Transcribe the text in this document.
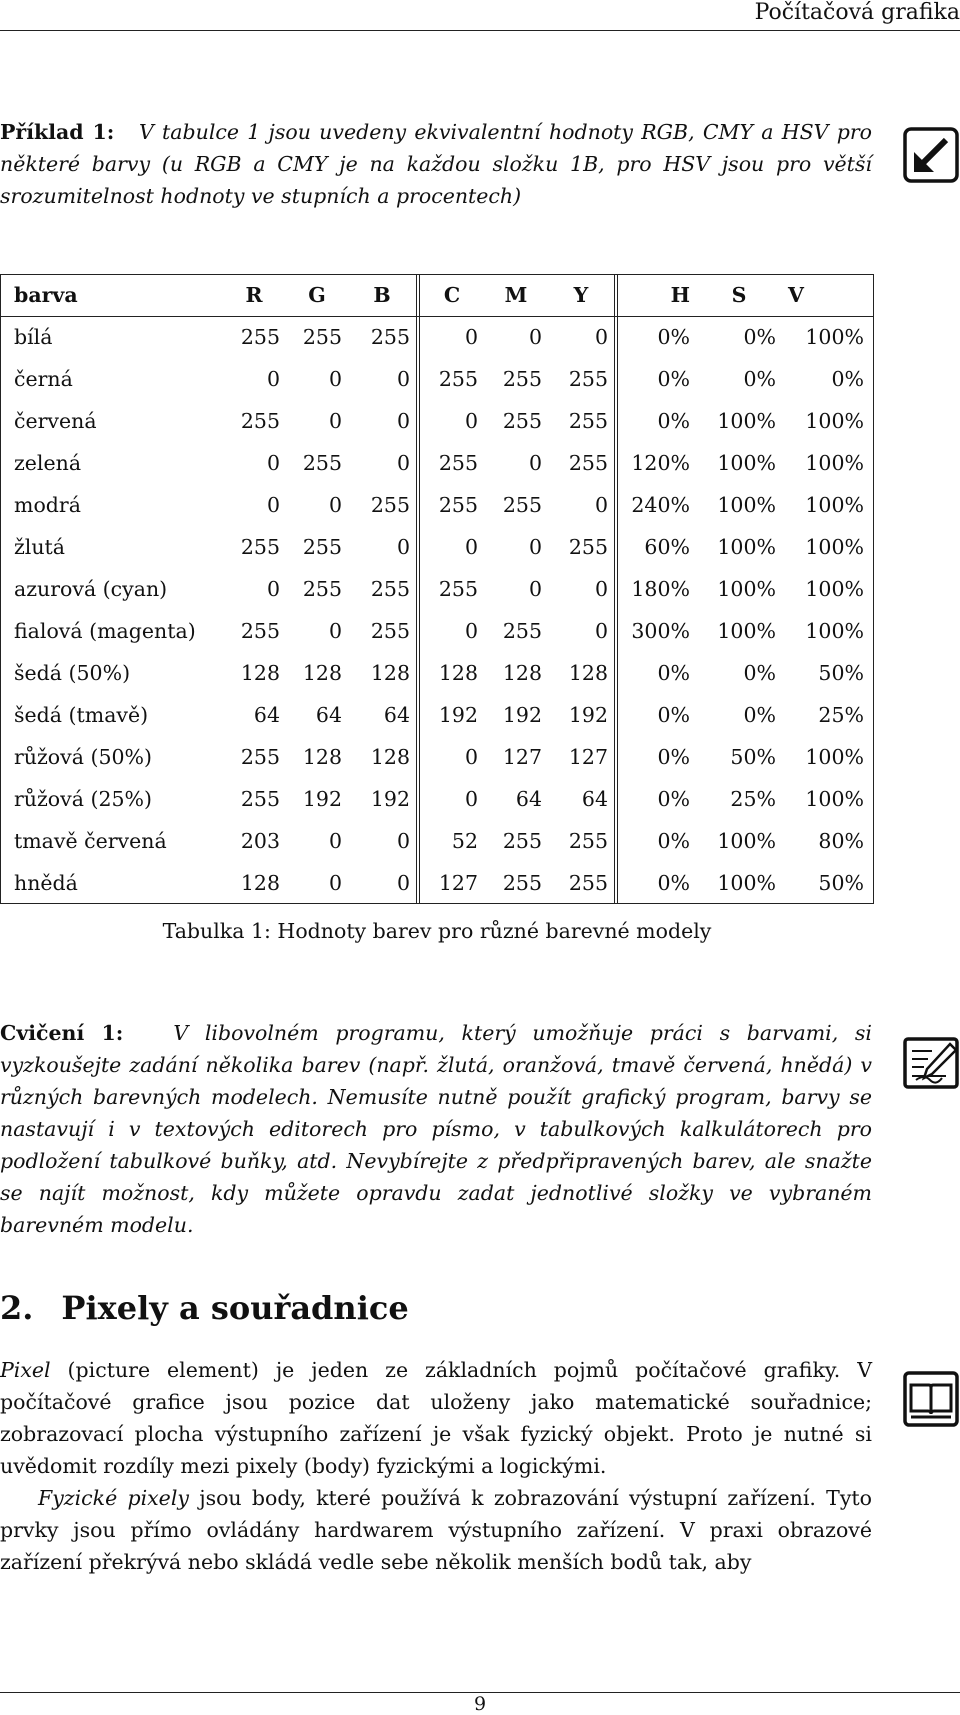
Počítačová grafika
Příklad 1: V tabulce 1 jsou uvedeny ekvivalentní hodnoty RGB, CMY a HSV pro některé barvy (u RGB a CMY je na každou složku 1B, pro HSV jsou pro větší srozumitelnost hodnoty ve stupních a procentech)
barva	R	G	B	C	M	Y	H	S	V
bílá	255	255	255	0	0	0	0%	0%	100%
černá	0	0	0	255	255	255	0%	0%	0%
červená	255	0	0	0	255	255	0%	100%	100%
zelená	0	255	0	255	0	255	120%	100%	100%
modrá	0	0	255	255	255	0	240%	100%	100%
žlutá	255	255	0	0	0	255	60%	100%	100%
azurová (cyan)	0	255	255	255	0	0	180%	100%	100%
fialová (magenta)	255	0	255	0	255	0	300%	100%	100%
šedá (50%)	128	128	128	128	128	128	0%	0%	50%
šedá (tmavě)	64	64	64	192	192	192	0%	0%	25%
růžová (50%)	255	128	128	0	127	127	0%	50%	100%
růžová (25%)	255	192	192	0	64	64	0%	25%	100%
tmavě červená	203	0	0	52	255	255	0%	100%	80%
hnědá	128	0	0	127	255	255	0%	100%	50%
Tabulka 1: Hodnoty barev pro různé barevné modely
Cvičení 1: V libovolném programu, který umožňuje práci s barvami, si vyzkoušejte zadání několika barev (např. žlutá, oranžová, tmavě červená, hnědá) v různých barevných modelech. Nemusíte nutně použít grafický program, barvy se nastavují i v textových editorech pro písmo, v tabulkových kalkulátorech pro podložení tabulkové buňky, atd. Nevybírejte z předpřipravených barev, ale snažte se najít možnost, kdy můžete opravdu zadat jednotlivé složky ve vybraném barevném modelu.
2. Pixely a souřadnice
Pixel (picture element) je jeden ze základních pojmů počítačové grafiky. V počítačové grafice jsou pozice dat uloženy jako matematické souřadnice; zobrazovací plocha výstupního zařízení je však fyzický objekt. Proto je nutné si uvědomit rozdíly mezi pixely (body) fyzickými a logickými.
Fyzické pixely jsou body, které používá k zobrazování výstupní zařízení. Tyto prvky jsou přímo ovládány hardwarem výstupního zařízení. V praxi obrazové zařízení překrývá nebo skládá vedle sebe několik menších bodů tak, aby
9
